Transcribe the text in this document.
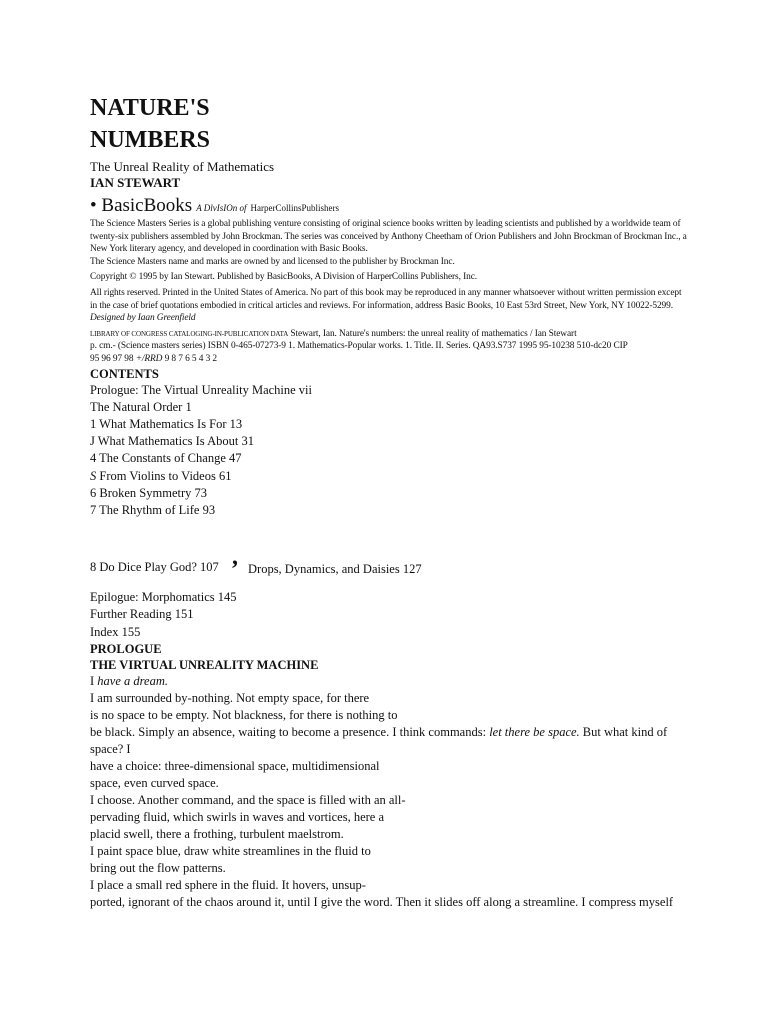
NATURE'S
NUMBERS
The Unreal Reality of Mathematics
IAN STEWART
• BasicBooks A DlvIsIOn of HarperCollinsPublishers

The Science Masters Series is a global publishing venture consisting of original science books written by leading scientists and published by a worldwide team of twenty-six publishers assembled by John Brockman. The series was conceived by Anthony Cheetham of Orion Publishers and John Brockman of Brockman Inc., a New York literary agency, and developed in coordination with Basic Books.

The Science Masters name and marks are owned by and licensed to the publisher by Brockman Inc.

Copyright © 1995 by Ian Stewart. Published by BasicBooks, A Division of HarperCollins Publishers, Inc.

All rights reserved. Printed in the United States of America. No part of this book may be reproduced in any manner whatsoever without written permission except in the case of brief quotations embodied in critical articles and reviews. For information, address Basic Books, 10 East 53rd Street, New York, NY 10022-5299.

Designed by Iaan Greenfield

LIBRARY OF CONGRESS CATALOGING-IN-PUBLICATION DATA Stewart, Ian. Nature's numbers: the unreal reality of mathematics / Ian Stewart

p. cm.- (Science masters series) ISBN 0-465-07273-9 1. Mathematics-Popular works. 1. Title. II. Series. QA93.S737 1995 95-10238 510-dc20 CIP

95 96 97 98 +/RRD 9 8 7 6 5 4 3 2

CONTENTS
Prologue: The Virtual Unreality Machine vii
The Natural Order 1
1 What Mathematics Is For 13
J What Mathematics Is About 31
4 The Constants of Change 47
S From Violins to Videos 61
6 Broken Symmetry 73
7 The Rhythm of Life 93
8 Do Dice Play God? 107 , Drops, Dynamics, and Daisies 127
Epilogue: Morphomatics 145
Further Reading 151
Index 155
PROLOGUE
THE VIRTUAL UNREALITY MACHINE
I have a dream.
I am surrounded by-nothing. Not empty space, for there
is no space to be empty. Not blackness, for there is nothing to
be black. Simply an absence, waiting to become a presence. I think commands: let there be space. But what kind of
space? I
have a choice: three-dimensional space, multidimensional
space, even curved space.
I choose. Another command, and the space is filled with an all-
pervading fluid, which swirls in waves and vortices, here a
placid swell, there a frothing, turbulent maelstrom.
I paint space blue, draw white streamlines in the fluid to
bring out the flow patterns.
I place a small red sphere in the fluid. It hovers, unsup-
ported, ignorant of the chaos around it, until I give the word. Then it slides off along a streamline. I compress myself
